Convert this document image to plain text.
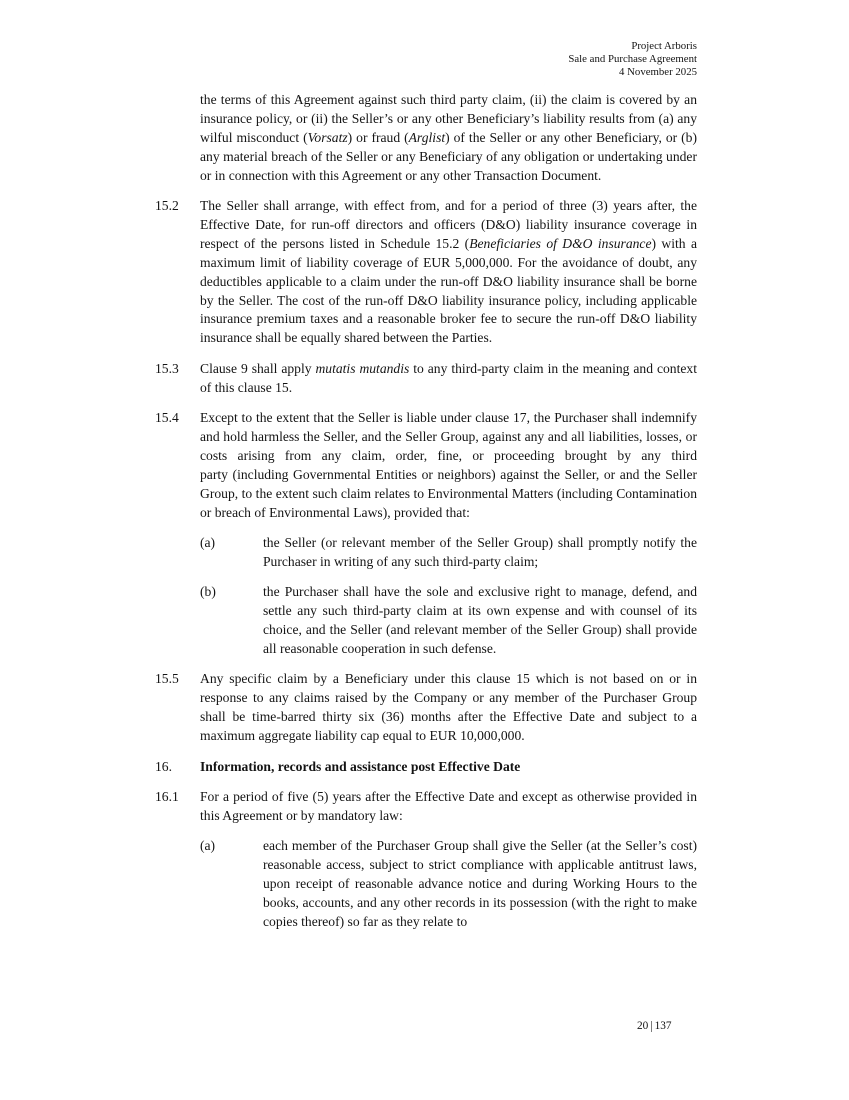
Project Arboris
Sale and Purchase Agreement
4 November 2025
the terms of this Agreement against such third party claim, (ii) the claim is covered by an insurance policy, or (ii) the Seller’s or any other Beneficiary’s liability results from (a) any wilful misconduct (Vorsatz) or fraud (Arglist) of the Seller or any other Beneficiary, or (b) any material breach of the Seller or any Beneficiary of any obligation or undertaking under or in connection with this Agreement or any other Transaction Document.
15.2	The Seller shall arrange, with effect from, and for a period of three (3) years after, the Effective Date, for run-off directors and officers (D&O) liability insurance coverage in respect of the persons listed in Schedule 15.2 (Beneficiaries of D&O insurance) with a maximum limit of liability coverage of EUR 5,000,000. For the avoidance of doubt, any deductibles applicable to a claim under the run-off D&O liability insurance shall be borne by the Seller. The cost of the run-off D&O liability insurance policy, including applicable insurance premium taxes and a reasonable broker fee to secure the run-off D&O liability insurance shall be equally shared between the Parties.
15.3	Clause 9 shall apply mutatis mutandis to any third-party claim in the meaning and context of this clause 15.
15.4	Except to the extent that the Seller is liable under clause 17, the Purchaser shall indemnify and hold harmless the Seller, and the Seller Group, against any and all liabilities, losses, or costs arising from any claim, order, fine, or proceeding brought by any third party (including Governmental Entities or neighbors) against the Seller, or and the Seller Group, to the extent such claim relates to Environmental Matters (including Contamination or breach of Environmental Laws), provided that:
(a)	the Seller (or relevant member of the Seller Group) shall promptly notify the Purchaser in writing of any such third-party claim;
(b)	the Purchaser shall have the sole and exclusive right to manage, defend, and settle any such third-party claim at its own expense and with counsel of its choice, and the Seller (and relevant member of the Seller Group) shall provide all reasonable cooperation in such defense.
15.5	Any specific claim by a Beneficiary under this clause 15 which is not based on or in response to any claims raised by the Company or any member of the Purchaser Group shall be time-barred thirty six (36) months after the Effective Date and subject to a maximum aggregate liability cap equal to EUR 10,000,000.
16.	Information, records and assistance post Effective Date
16.1	For a period of five (5) years after the Effective Date and except as otherwise provided in this Agreement or by mandatory law:
(a)	each member of the Purchaser Group shall give the Seller (at the Seller’s cost) reasonable access, subject to strict compliance with applicable antitrust laws, upon receipt of reasonable advance notice and during Working Hours to the books, accounts, and any other records in its possession (with the right to make copies thereof) so far as they relate to
20 | 137
